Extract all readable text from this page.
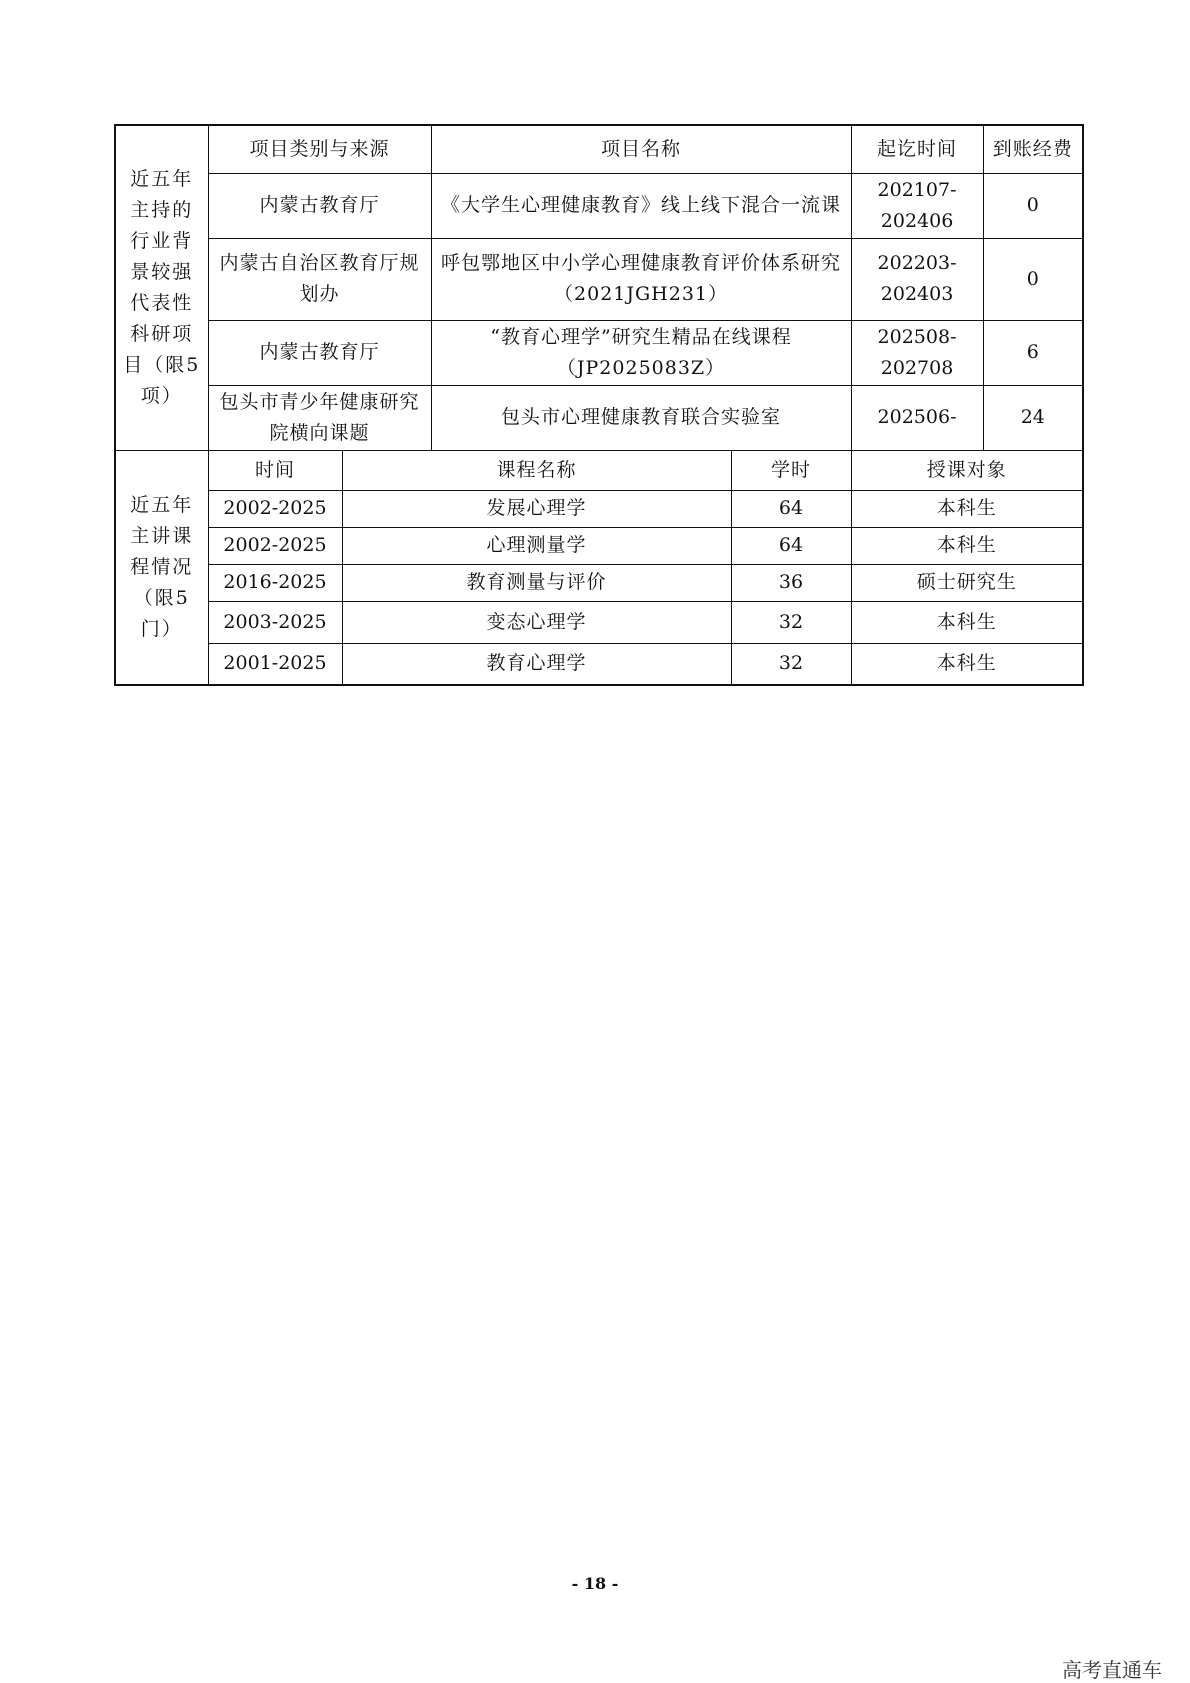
近五年主持的行业背景较强代表性科研项目（限5项）	项目类别与来源		项目名称		起讫时间	到账经费
	内蒙古教育厅		《大学生心理健康教育》线上线下混合一流课		202107-202406	0
	内蒙古自治区教育厅规划办		呼包鄂地区中小学心理健康教育评价体系研究（2021JGH231）		202203-202403	0
	内蒙古教育厅		“教育心理学”研究生精品在线课程（JP2025083Z）		202508-202708	6
	包头市青少年健康研究院横向课题		包头市心理健康教育联合实验室		202506-	24
近五年主讲课程情况（限5门）	时间	课程名称		学时	授课对象	
	2002-2025	发展心理学		64	本科生	
	2002-2025	心理测量学		64	本科生	
	2016-2025	教育测量与评价		36	硕士研究生	
	2003-2025	变态心理学		32	本科生	
	2001-2025	教育心理学		32	本科生	
- 18 -
高考直通车
